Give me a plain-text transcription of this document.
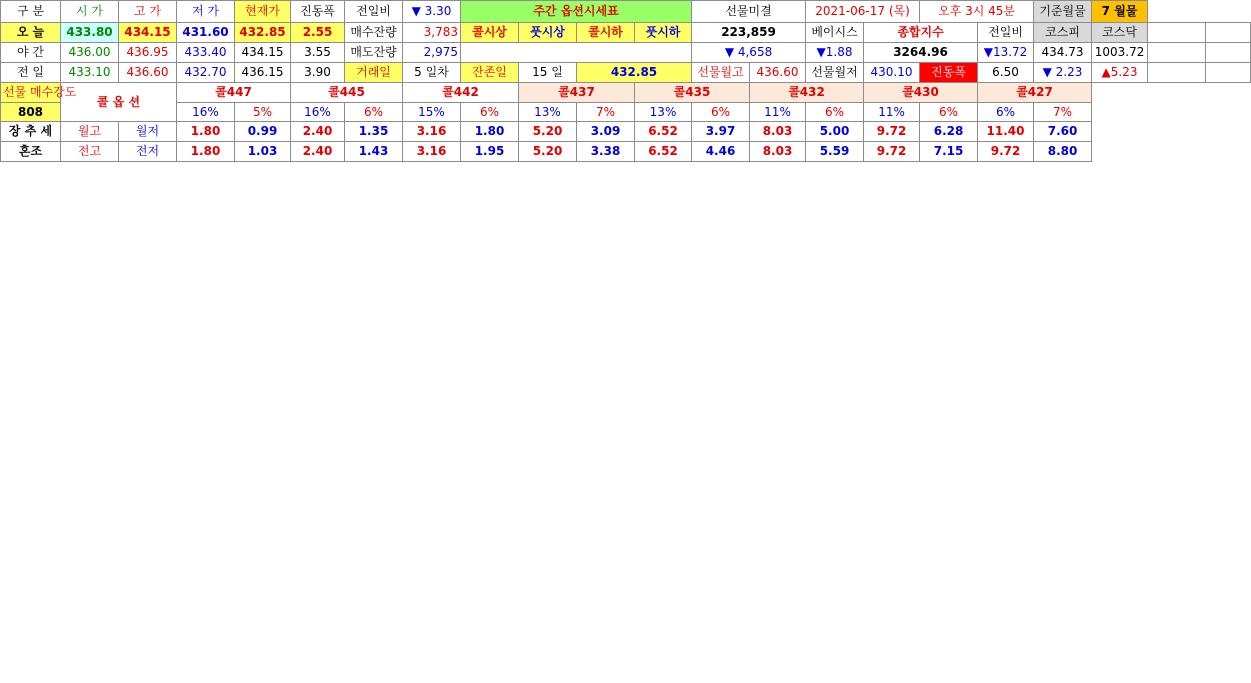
구 분	시 가	고 가	저 가	현재가	진동폭	전일비	▼ 3.30	주간 옵션시세표				선물미결		2021-06-17 (목)		오후 3시 45분		기준월물	7 월물		
오 늘	433.80	434.15	431.60	432.85	2.55	매수잔량	3,783	콜시상	풋시상	콜시하	풋시하	223,859		베이시스	종합지수		전일비	코스피	코스닥		
야 간	436.00	436.95	433.40	434.15	3.55	매도잔량	2,975					▼ 4,658		▼1.88	3264.96		▼13.72	434.73	1003.72		
전 일	433.10	436.60	432.70	436.15	3.90	거래일	5 일차	잔존일	15 일	432.85		선물월고	436.60	선물월저	430.10	진동폭	6.50	▼ 2.23	▲5.23		
선물 매수강도	콜 옵 션		콜447		콜445		콜442		콜437		콜435		콜432		콜430		콜427				
808			16%	5%	16%	6%	15%	6%	13%	7%	13%	6%	11%	6%	11%	6%	6%	7%			
장 추 세	월고	월저	1.80	0.99	2.40	1.35	3.16	1.80	5.20	3.09	6.52	3.97	8.03	5.00	9.72	6.28	11.40	7.60			
혼조	전고	전저	1.80	1.03	2.40	1.43	3.16	1.95	5.20	3.38	6.52	4.46	8.03	5.59	9.72	7.15	9.72	8.80			
